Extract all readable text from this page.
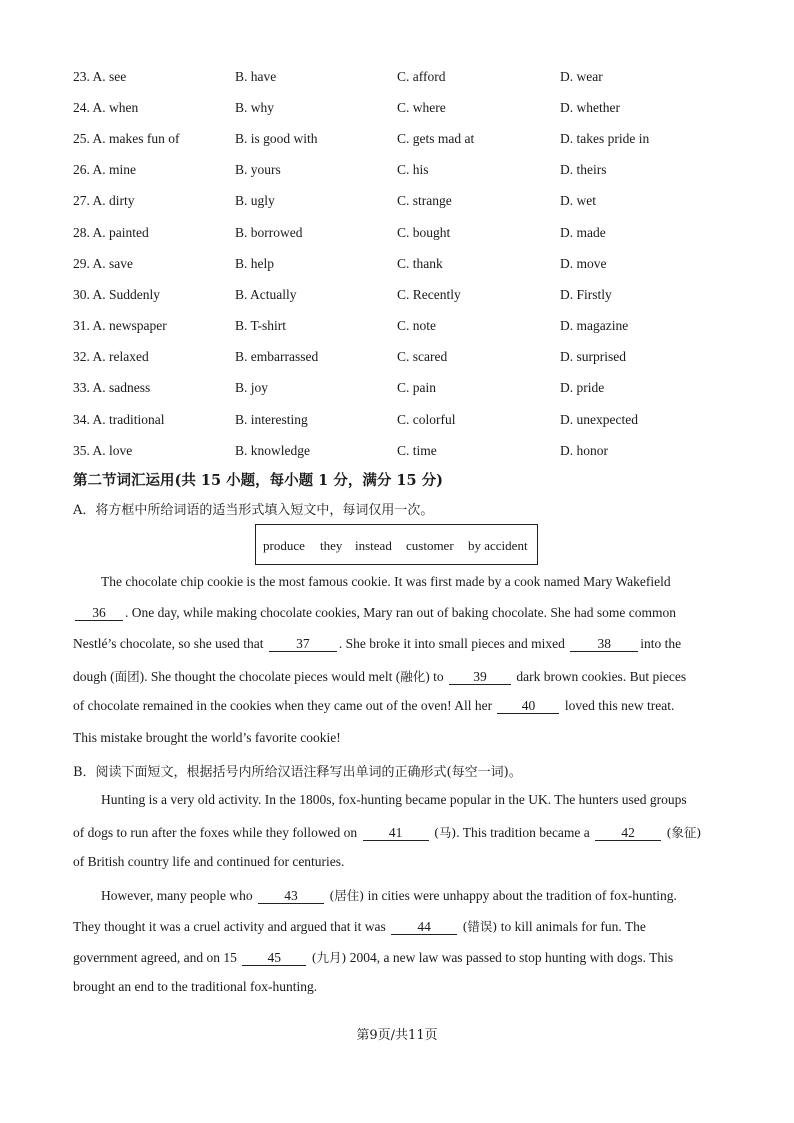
23. A. see	B. have	C. afford	D. wear
24. A. when	B. why	C. where	D. whether
25. A. makes fun of	B. is good with	C. gets mad at	D. takes pride in
26. A. mine	B. yours	C. his	D. theirs
27. A. dirty	B. ugly	C. strange	D. wet
28. A. painted	B. borrowed	C. bought	D. made
29. A. save	B. help	C. thank	D. move
30. A. Suddenly	B. Actually	C. Recently	D. Firstly
31. A. newspaper	B. T-shirt	C. note	D. magazine
32. A. relaxed	B. embarrassed	C. scared	D. surprised
33. A. sadness	B. joy	C. pain	D. pride
34. A. traditional	B. interesting	C. colorful	D. unexpected
35. A. love	B. knowledge	C. time	D. honor
第二节词汇运用(共 15 小题，每小题 1 分，满分 15 分)
A．将方框中所给词语的适当形式填入短文中，每词仅用一次。
produce they instead customer by accident
The chocolate chip cookie is the most famous cookie. It was first made by a cook named Mary Wakefield
36 . One day, while making chocolate cookies, Mary ran out of baking chocolate. She had some common
Nestlé’s chocolate, so she used that 37 . She broke it into small pieces and mixed 38 into the
dough (面团). She thought the chocolate pieces would melt (融化) to 39 dark brown cookies. But pieces
of chocolate remained in the cookies when they came out of the oven! All her 40 loved this new treat.
This mistake brought the world’s favorite cookie!
B．阅读下面短文，根据括号内所给汉语注释写出单词的正确形式(每空一词)。
Hunting is a very old activity. In the 1800s, fox-hunting became popular in the UK. The hunters used groups
of dogs to run after the foxes while they followed on 41	(马). This tradition became a 42	(象征)
of British country life and continued for centuries.
However, many people who 43	(居住) in cities were unhappy about the tradition of fox-hunting.
They thought it was a cruel activity and argued that it was 44	(错误) to kill animals for fun. The
government agreed, and on 15 45 (九月) 2004, a new law was passed to stop hunting with dogs. This
brought an end to the traditional fox-hunting.
第9页/共11页
